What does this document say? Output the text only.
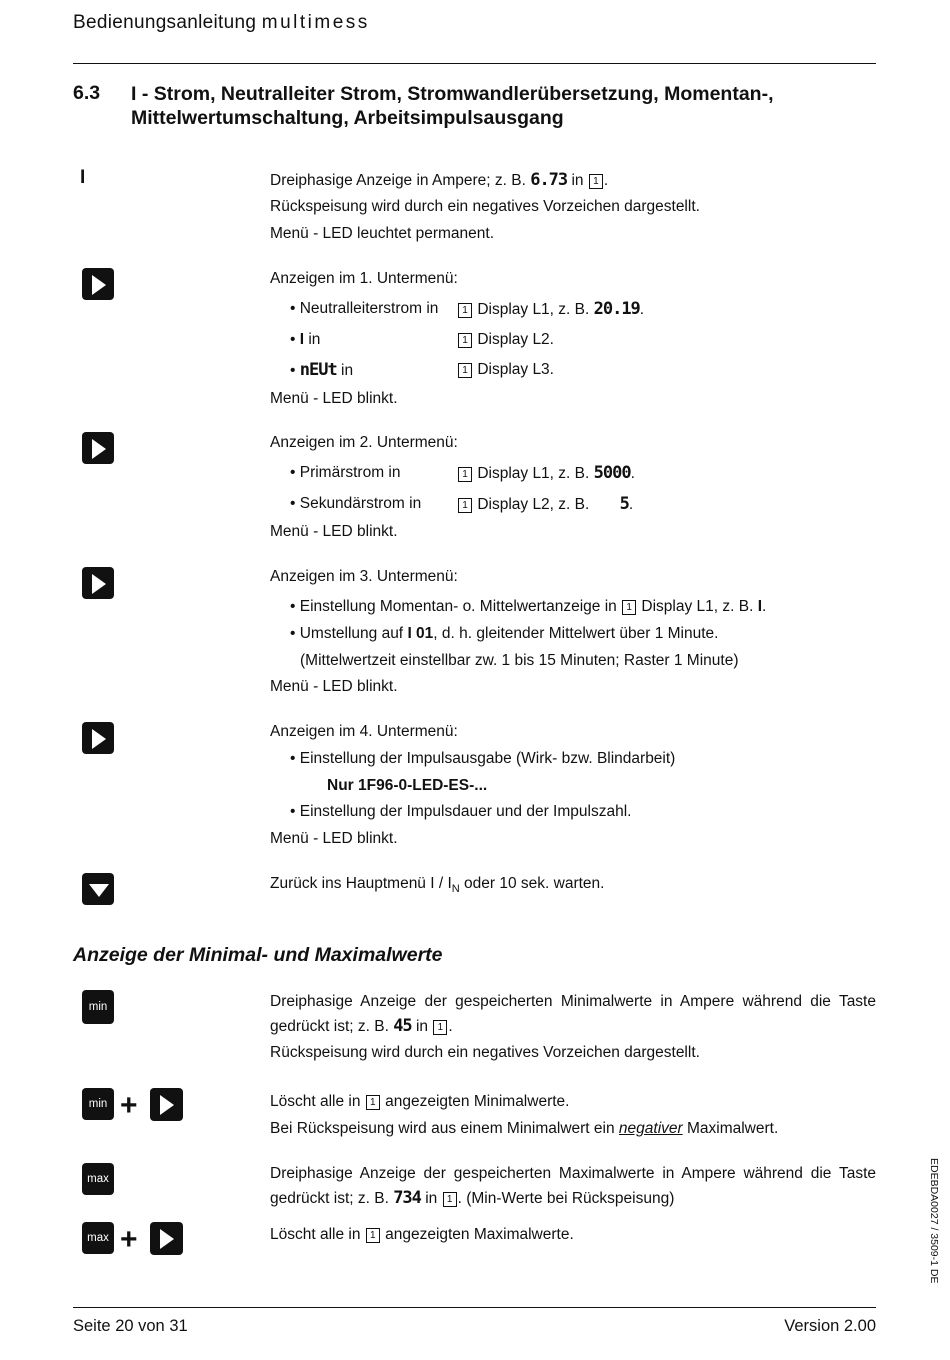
Bedienungsanleitung multimess
6.3 I - Strom, Neutralleiter Strom, Stromwandlerübersetzung, Momentan-, Mittelwertumschaltung, Arbeitsimpulsausgang
I	Dreiphasige Anzeige in Ampere; z. B. 6.73 in 1 .
Rückspeisung wird durch ein negatives Vorzeichen dargestellt.
Menü - LED leuchtet permanent.
Anzeigen im 1. Untermenü:
• Neutralleiterstrom in	1 Display L1, z. B. 20.19.
• I in	1 Display L2.
• nEUt in	1 Display L3.
Menü - LED blinkt.
Anzeigen im 2. Untermenü:
• Primärstrom in	1 Display L1, z. B. 5000.
• Sekundärstrom in	1 Display L2, z. B. 5.
Menü - LED blinkt.
Anzeigen im 3. Untermenü:
• Einstellung Momentan- o. Mittelwertanzeige in 1 Display L1, z. B. I.
• Umstellung auf I 01, d. h. gleitender Mittelwert über 1 Minute.
(Mittelwertzeit einstellbar zw. 1 bis 15 Minuten; Raster 1 Minute)
Menü - LED blinkt.
Anzeigen im 4. Untermenü:
• Einstellung der Impulsausgabe (Wirk- bzw. Blindarbeit)
Nur 1F96-0-LED-ES-...
• Einstellung der Impulsdauer und der Impulszahl.
Menü - LED blinkt.
Zurück ins Hauptmenü I / $I_N$ oder 10 sek. warten.
Anzeige der Minimal- und Maximalwerte
min	Dreiphasige Anzeige der gespeicherten Minimalwerte in Ampere während die Taste gedrückt ist; z. B. 45 in 1 .
Rückspeisung wird durch ein negatives Vorzeichen dargestellt.
min +	Löscht alle in 1 angezeigten Minimalwerte.
Bei Rückspeisung wird aus einem Minimalwert ein negativer Maximalwert.
max	Dreiphasige Anzeige der gespeicherten Maximalwerte in Ampere während die Taste gedrückt ist; z. B. 734 in 1 . (Min-Werte bei Rückspeisung)
max +	Löscht alle in 1 angezeigten Maximalwerte.	EDEBDA0027 / 3509-1 DE
Seite 20 von 31	Version 2.00
